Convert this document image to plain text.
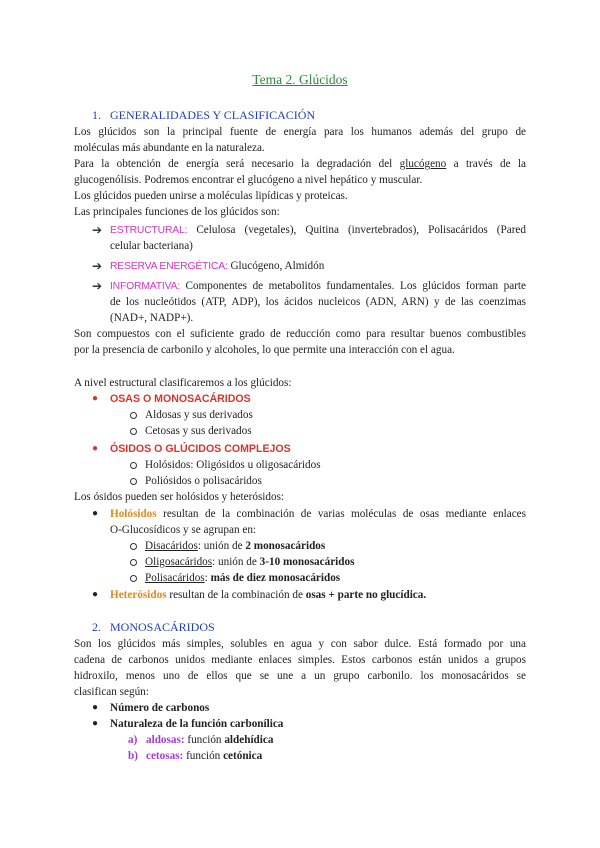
Tema 2. Glúcidos
1. GENERALIDADES Y CLASIFICACIÓN
Los glúcidos son la principal fuente de energía para los humanos además del grupo de
moléculas más abundante en la naturaleza.
Para la obtención de energía será necesario la degradación del glucógeno a través de la
glucogenólisis. Podremos encontrar el glucógeno a nivel hepático y muscular.
Los glúcidos pueden unirse a moléculas lipídicas y proteicas.
Las principales funciones de los glúcidos son:
➔ ESTRUCTURAL: Celulosa (vegetales), Quitina (invertebrados), Polisacáridos (Pared
celular bacteriana)
➔ RESERVA ENERGÉTICA: Glucógeno, Almidón
➔ INFORMATIVA: Componentes de metabolitos fundamentales. Los glúcidos forman parte
de los nucleótidos (ATP, ADP), los ácidos nucleicos (ADN, ARN) y de las coenzimas
(NAD+, NADP+).
Son compuestos con el suficiente grado de reducción como para resultar buenos combustibles
por la presencia de carbonilo y alcoholes, lo que permite una interacción con el agua.
A nivel estructural clasificaremos a los glúcidos:
● OSAS O MONOSACÁRIDOS
Aldosas y sus derivados
Cetosas y sus derivados
● ÓSIDOS O GLÚCIDOS COMPLEJOS
Holósidos: Oligósidos u oligosacáridos
Poliósidos o polisacáridos
Los ósidos pueden ser holósidos y heterósidos:
● Holósidos resultan de la combinación de varias moléculas de osas mediante enlaces
O-Glucosídicos y se agrupan en:
Disacáridos: unión de 2 monosacáridos
Oligosacáridos: unión de 3-10 monosacáridos
Polisacáridos: más de diez monosacáridos
● Heterósidos resultan de la combinación de osas + parte no glucídica.
2. MONOSACÁRIDOS
Son los glúcidos más simples, solubles en agua y con sabor dulce. Está formado por una
cadena de carbonos unidos mediante enlaces simples. Estos carbonos están unidos a grupos
hidroxilo, menos uno de ellos que se une a un grupo carbonilo. los monosacáridos se
clasifican según:
● Número de carbonos
● Naturaleza de la función carbonílica
a) aldosas: función aldehídica
b) cetosas: función cetónica
